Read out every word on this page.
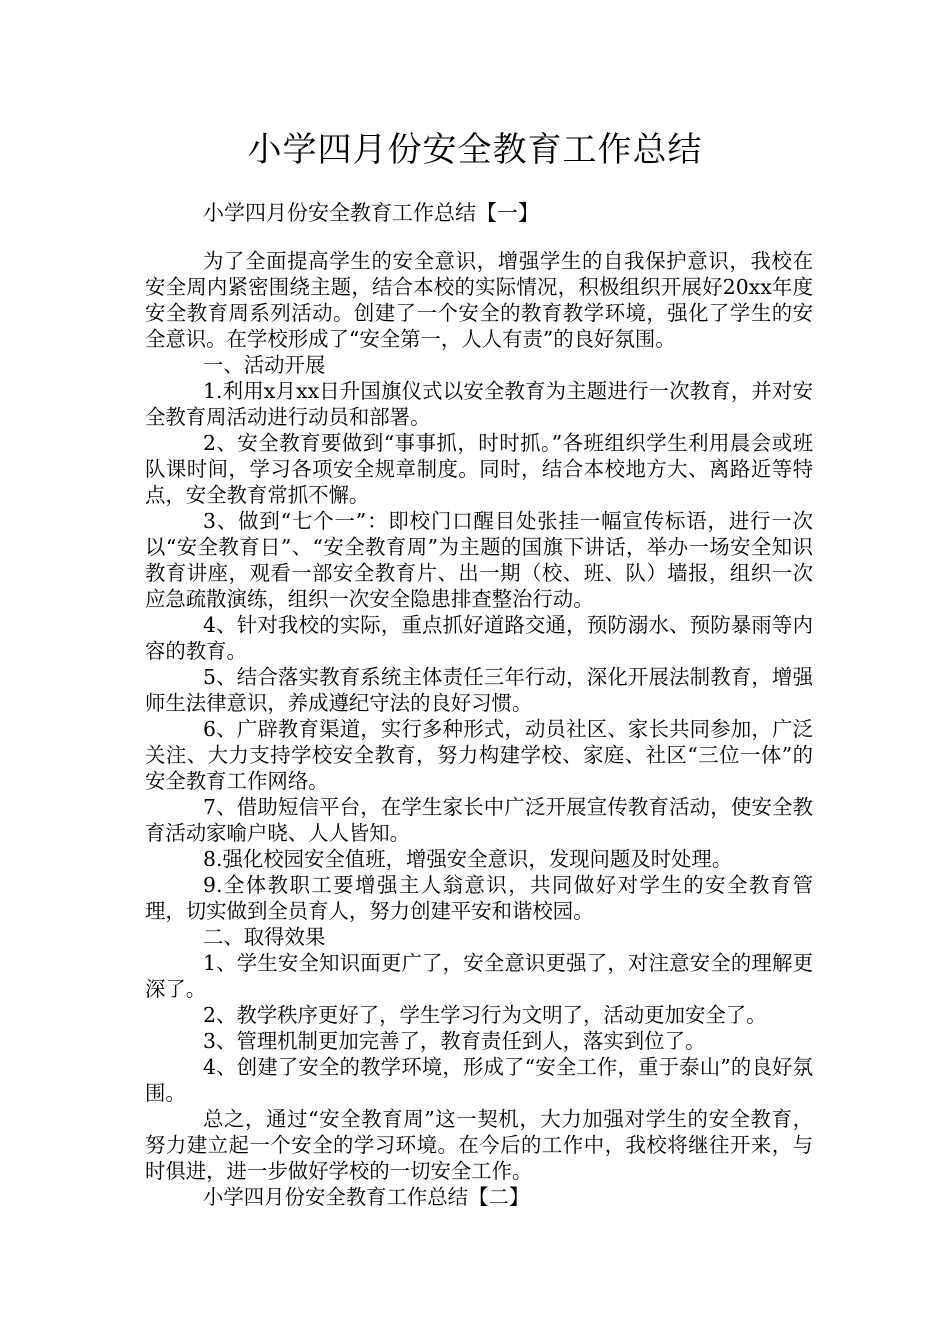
小学四月份安全教育工作总结
小学四月份安全教育工作总结【一】

为了全面提高学生的安全意识，增强学生的自我保护意识，我校在安全周内紧密围绕主题，结合本校的实际情况，积极组织开展好20xx年度安全教育周系列活动。创建了一个安全的教育教学环境，强化了学生的安全意识。在学校形成了“安全第一，人人有责”的良好氛围。

一、活动开展

1.利用x月xx日升国旗仪式以安全教育为主题进行一次教育，并对安全教育周活动进行动员和部署。

2、安全教育要做到“事事抓，时时抓。”各班组织学生利用晨会或班队课时间，学习各项安全规章制度。同时，结合本校地方大、离路近等特点，安全教育常抓不懈。

3、做到“七个一”：即校门口醒目处张挂一幅宣传标语，进行一次以“安全教育日”、“安全教育周”为主题的国旗下讲话，举办一场安全知识教育讲座，观看一部安全教育片、出一期（校、班、队）墙报，组织一次应急疏散演练，组织一次安全隐患排查整治行动。

4、针对我校的实际，重点抓好道路交通，预防溺水、预防暴雨等内容的教育。

5、结合落实教育系统主体责任三年行动，深化开展法制教育，增强师生法律意识，养成遵纪守法的良好习惯。

6、广辟教育渠道，实行多种形式，动员社区、家长共同参加，广泛关注、大力支持学校安全教育，努力构建学校、家庭、社区“三位一体”的安全教育工作网络。

7、借助短信平台，在学生家长中广泛开展宣传教育活动，使安全教育活动家喻户晓、人人皆知。

8.强化校园安全值班，增强安全意识，发现问题及时处理。

9.全体教职工要增强主人翁意识，共同做好对学生的安全教育管理，切实做到全员育人，努力创建平安和谐校园。

二、取得效果

1、学生安全知识面更广了，安全意识更强了，对注意安全的理解更深了。

2、教学秩序更好了，学生学习行为文明了，活动更加安全了。

3、管理机制更加完善了，教育责任到人，落实到位了。

4、创建了安全的教学环境，形成了“安全工作，重于泰山”的良好氛围。

总之，通过“安全教育周”这一契机，大力加强对学生的安全教育，努力建立起一个安全的学习环境。在今后的工作中，我校将继往开来，与时俱进，进一步做好学校的一切安全工作。

小学四月份安全教育工作总结【二】
